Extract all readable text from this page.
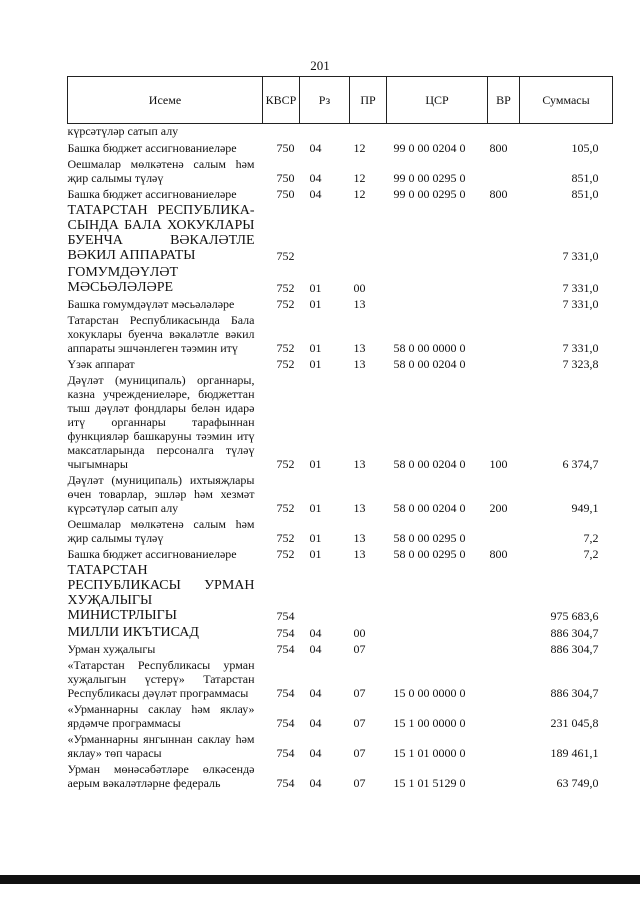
201
Исеме	КВСР	Рз	ПР	ЦСР	ВР	Суммасы
күрсәтүләр сатып алу						
Башка бюджет ассигнованиеләре	750	04	12	99 0 00 0204 0	800	105,0
Оешмалар мөлкәтенә салым һәм җир салымы түләү	750	04	12	99 0 00 0295 0		851,0
Башка бюджет ассигнованиеләре	750	04	12	99 0 00 0295 0	800	851,0
ТАТАРСТАН РЕСПУБЛИКА-СЫНДА БАЛА ХОКУКЛАРЫ БУЕНЧА ВӘКАЛӘТЛЕ ВӘКИЛ АППАРАТЫ	752					7 331,0
ГОМУМДӘҮЛӘТ МӘСЬӘЛӘЛӘРЕ	752	01	00			7 331,0
Башка гомумдәүләт мәсьәләләре	752	01	13			7 331,0
Татарстан Республикасында Бала хокуклары буенча вәкаләтле вәкил аппараты эшчәнлеген тәэмин итү	752	01	13	58 0 00 0000 0		7 331,0
Үзәк аппарат	752	01	13	58 0 00 0204 0		7 323,8
Дәүләт (муниципаль) органнары, казна учреждениеләре, бюджеттан тыш дәүләт фондлары белән идарә итү органнары тарафыннан функцияләр башкаруны тәэмин итү максатларында персоналга түләү чыгымнары	752	01	13	58 0 00 0204 0	100	6 374,7
Дәүләт (муниципаль) ихтыяҗлары өчен товарлар, эшләр һәм хезмәт күрсәтүләр сатып алу	752	01	13	58 0 00 0204 0	200	949,1
Оешмалар мөлкәтенә салым һәм җир салымы түләү	752	01	13	58 0 00 0295 0		7,2
Башка бюджет ассигнованиеләре	752	01	13	58 0 00 0295 0	800	7,2
ТАТАРСТАН РЕСПУБЛИКАСЫ УРМАН ХУҖАЛЫГЫ МИНИСТРЛЫГЫ	754					975 683,6
МИЛЛИ ИКЪТИСАД	754	04	00			886 304,7
Урман хуҗалыгы	754	04	07			886 304,7
«Татарстан Республикасы урман хуҗалыгын үстерү» Татарстан Республикасы дәүләт программасы	754	04	07	15 0 00 0000 0		886 304,7
«Урманнарны саклау һәм яклау» ярдәмче программасы	754	04	07	15 1 00 0000 0		231 045,8
«Урманнарны янгыннан саклау һәм яклау» төп чарасы	754	04	07	15 1 01 0000 0		189 461,1
Урман мөнәсәбәтләре өлкәсендә аерым вәкаләтләрне федераль	754	04	07	15 1 01 5129 0		63 749,0
